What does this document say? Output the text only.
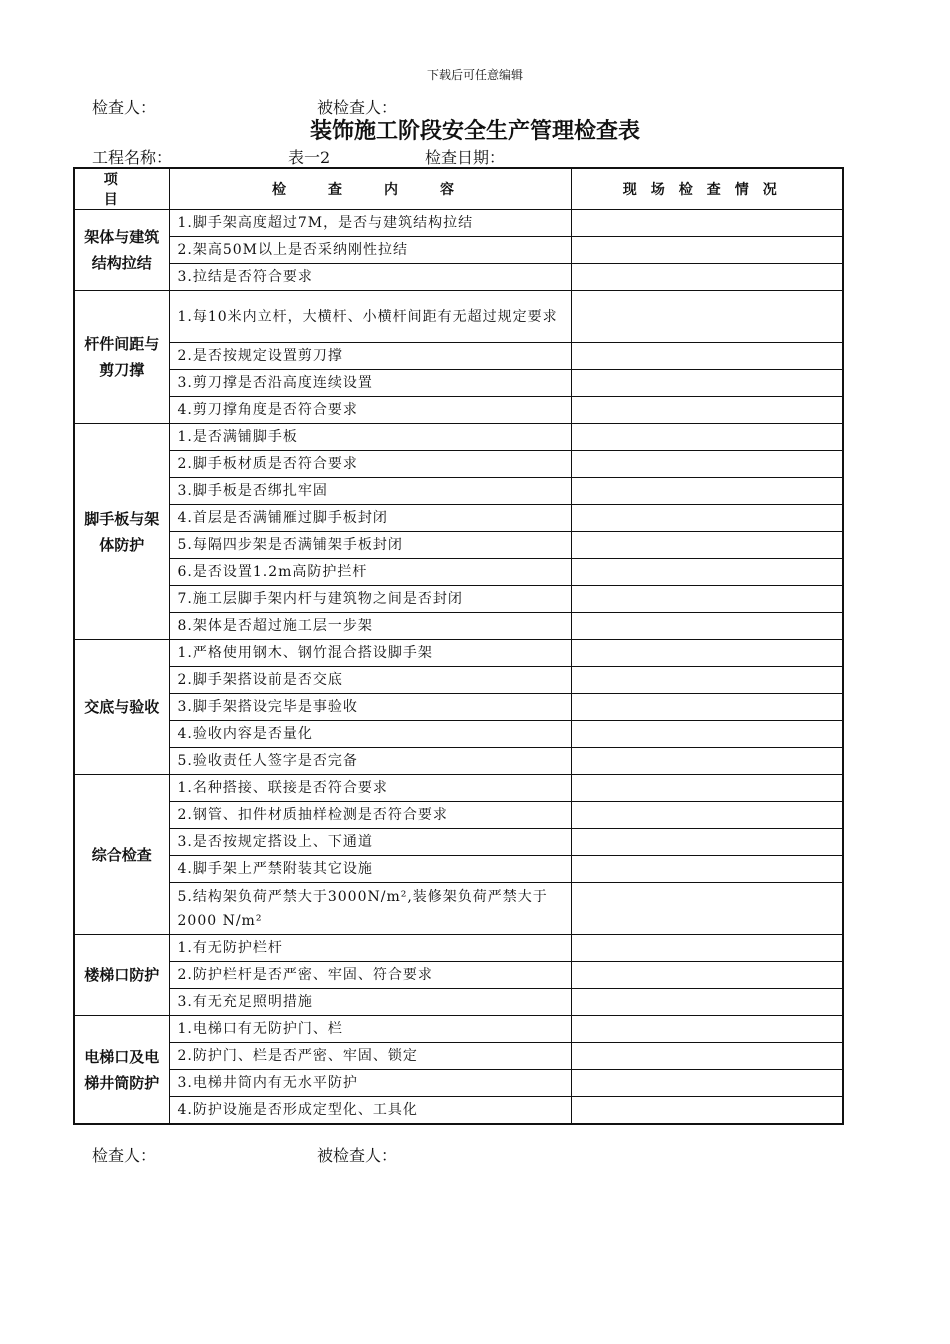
下载后可任意编辑
检查人：	被检查人：
装饰施工阶段安全生产管理检查表
工程名称：	表一2	检查日期：
项　　目	检　查　内　容	现场检查情况
架体与建筑结构拉结	1.脚手架高度超过7M，是否与建筑结构拉结	
	2.架高50M以上是否采纳刚性拉结	
	3.拉结是否符合要求	
杆件间距与剪刀撑	1.每10米内立杆，大横杆、小横杆间距有无超过规定要求	
	2.是否按规定设置剪刀撑	
	3.剪刀撑是否沿高度连续设置	
	4.剪刀撑角度是否符合要求	
脚手板与架体防护	1.是否满铺脚手板	
	2.脚手板材质是否符合要求	
	3.脚手板是否绑扎牢固	
	4.首层是否满铺雁过脚手板封闭	
	5.每隔四步架是否满铺架手板封闭	
	6.是否设置1.2m高防护拦杆	
	7.施工层脚手架内杆与建筑物之间是否封闭	
	8.架体是否超过施工层一步架	
交底与验收	1.严格使用钢木、钢竹混合搭设脚手架	
	2.脚手架搭设前是否交底	
	3.脚手架搭设完毕是事验收	
	4.验收内容是否量化	
	5.验收责任人签字是否完备	
综合检查	1.名种搭接、联接是否符合要求	
	2.钢管、扣件材质抽样检测是否符合要求	
	3.是否按规定搭设上、下通道	
	4.脚手架上严禁附装其它设施	
	5.结构架负荷严禁大于3000N/m²,装修架负荷严禁大于2000 N/m²	
楼梯口防护	1.有无防护栏杆	
	2.防护栏杆是否严密、牢固、符合要求	
	3.有无充足照明措施	
电梯口及电梯井筒防护	1.电梯口有无防护门、栏	
	2.防护门、栏是否严密、牢固、锁定	
	3.电梯井筒内有无水平防护	
	4.防护设施是否形成定型化、工具化	
检查人：	被检查人：
